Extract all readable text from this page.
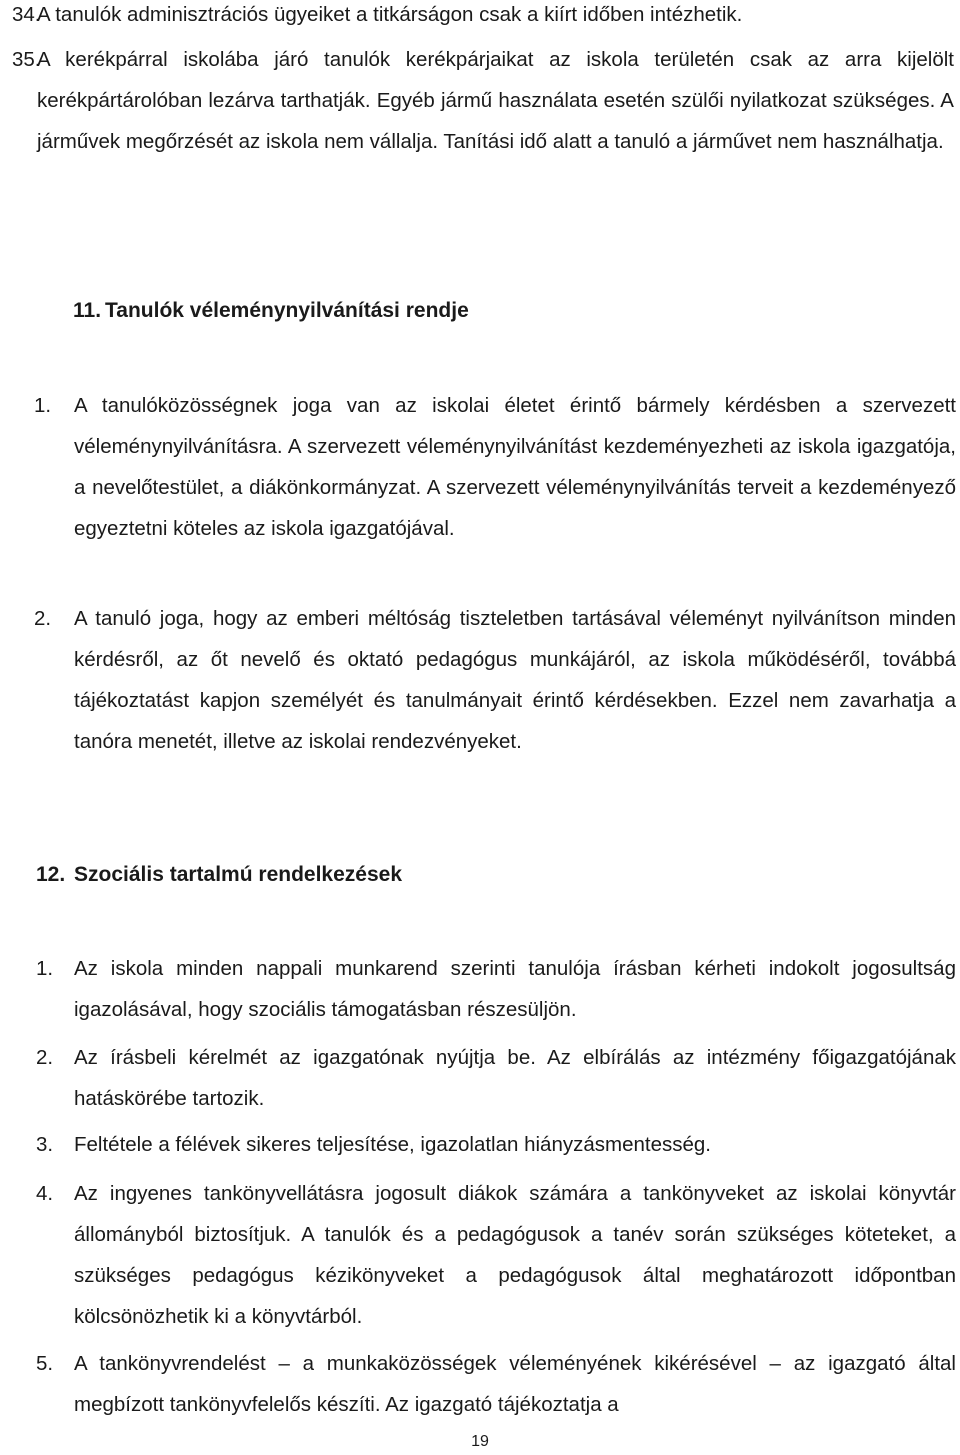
34.
A tanulók adminisztrációs ügyeiket a titkárságon csak a kiírt időben intézhetik.
35.
A kerékpárral iskolába járó tanulók kerékpárjaikat az iskola területén csak az arra kijelölt kerékpártárolóban lezárva tarthatják. Egyéb jármű használata esetén szülői nyilatkozat szükséges. A járművek megőrzését az iskola nem vállalja. Tanítási idő alatt a tanuló a járművet nem használhatja.
11. Tanulók véleménynyilvánítási rendje
1.	A tanulóközösségnek joga van az iskolai életet érintő bármely kérdésben a szervezett véleménynyilvánításra. A szervezett véleménynyilvánítást kezdeményezheti az iskola igazgatója, a nevelőtestület, a diákönkormányzat. A szervezett véleménynyilvánítás terveit a kezdeményező egyeztetni köteles az iskola igazgatójával.
2.	A tanuló joga, hogy az emberi méltóság tiszteletben tartásával véleményt nyilvánítson minden kérdésről, az őt nevelő és oktató pedagógus munkájáról, az iskola működéséről, továbbá tájékoztatást kapjon személyét és tanulmányait érintő kérdésekben. Ezzel nem zavarhatja a tanóra menetét, illetve az iskolai rendezvényeket.
12. Szociális tartalmú rendelkezések
1.	Az iskola minden nappali munkarend szerinti tanulója írásban kérheti indokolt jogosultság igazolásával, hogy szociális támogatásban részesüljön.
2.	Az írásbeli kérelmét az igazgatónak nyújtja be. Az elbírálás az intézmény főigazgatójának hatáskörébe tartozik.
3.	Feltétele a félévek sikeres teljesítése, igazolatlan hiányzásmentesség.
4.	Az ingyenes tankönyvellátásra jogosult diákok számára a tankönyveket az iskolai könyvtár állományból biztosítjuk. A tanulók és a pedagógusok a tanév során szükséges köteteket, a szükséges pedagógus kézikönyveket a pedagógusok által meghatározott időpontban kölcsönözhetik ki a könyvtárból.
5.	A tankönyvrendelést – a munkaközösségek véleményének kikérésével – az igazgató által megbízott tankönyvfelelős készíti. Az igazgató tájékoztatja a
19
